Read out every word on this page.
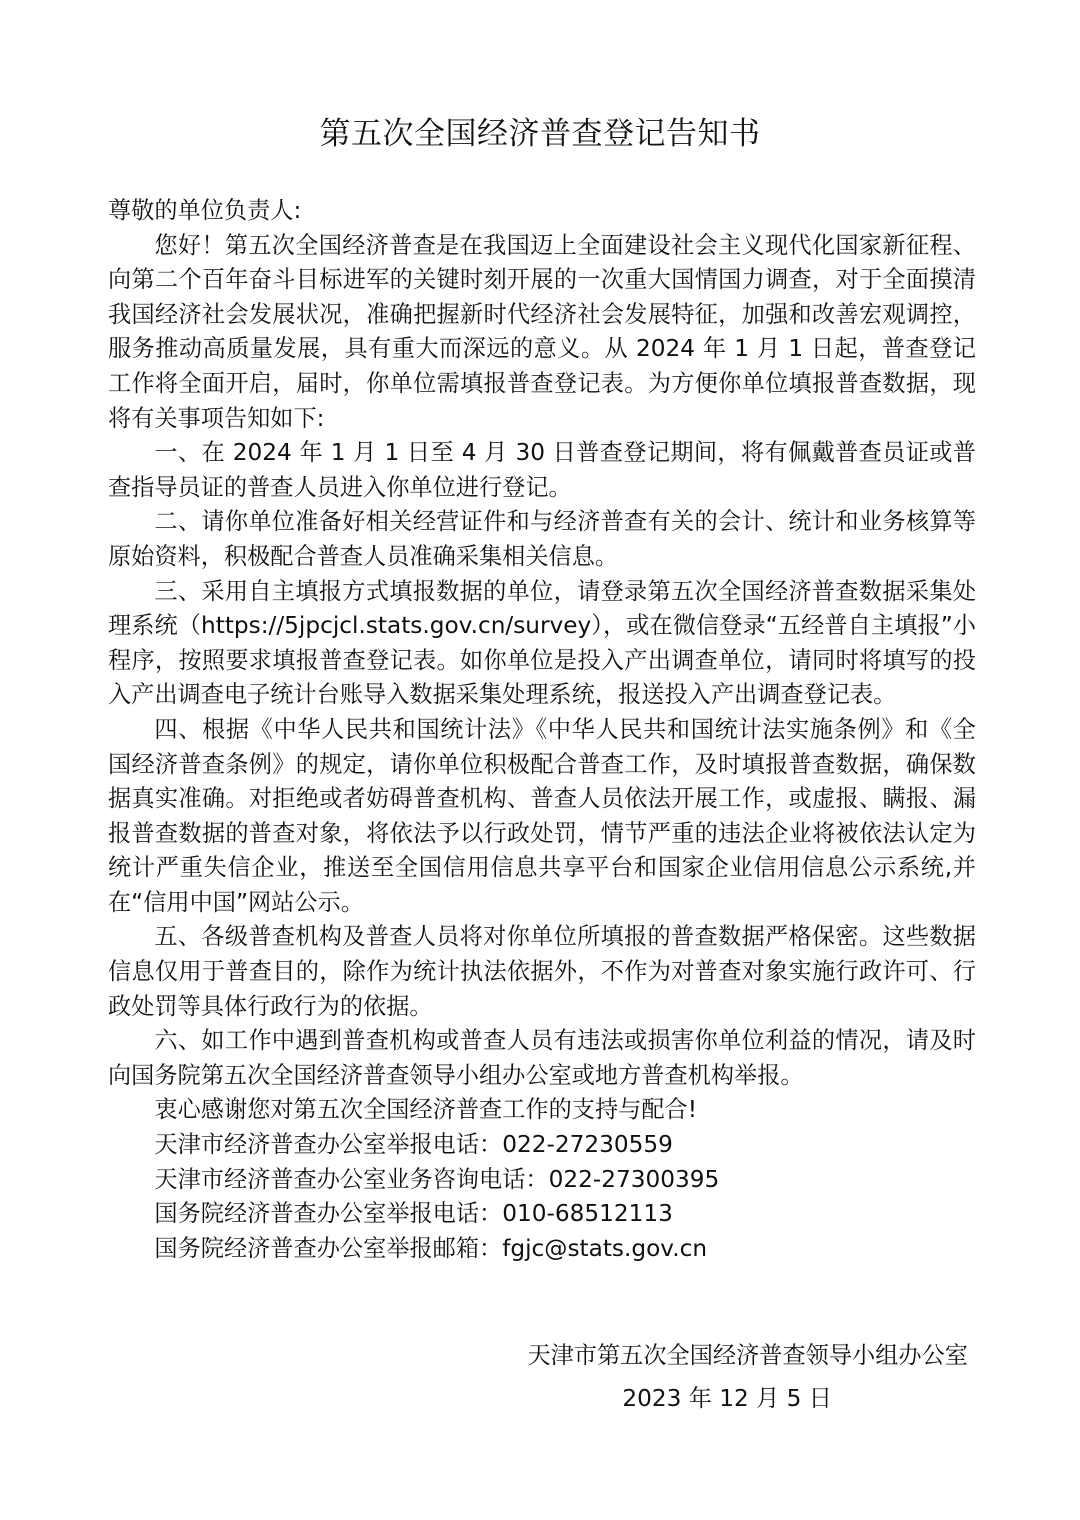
第五次全国经济普查登记告知书

尊敬的单位负责人:

您好！第五次全国经济普查是在我国迈上全面建设社会主义现代化国家新征程、向第二个百年奋斗目标进军的关键时刻开展的一次重大国情国力调查，对于全面摸清我国经济社会发展状况，准确把握新时代经济社会发展特征，加强和改善宏观调控，服务推动高质量发展，具有重大而深远的意义。从 2024 年 1 月 1 日起，普查登记工作将全面开启，届时，你单位需填报普查登记表。为方便你单位填报普查数据，现将有关事项告知如下:

一、在 2024 年 1 月 1 日至 4 月 30 日普查登记期间，将有佩戴普查员证或普查指导员证的普查人员进入你单位进行登记。

二、请你单位准备好相关经营证件和与经济普查有关的会计、统计和业务核算等原始资料，积极配合普查人员准确采集相关信息。

三、采用自主填报方式填报数据的单位，请登录第五次全国经济普查数据采集处理系统（https://5jpcjcl.stats.gov.cn/survey），或在微信登录“五经普自主填报”小程序，按照要求填报普查登记表。如你单位是投入产出调查单位，请同时将填写的投入产出调查电子统计台账导入数据采集处理系统，报送投入产出调查登记表。

四、根据《中华人民共和国统计法》《中华人民共和国统计法实施条例》和《全国经济普查条例》的规定，请你单位积极配合普查工作，及时填报普查数据，确保数据真实准确。对拒绝或者妨碍普查机构、普查人员依法开展工作，或虚报、瞒报、漏报普查数据的普查对象，将依法予以行政处罚，情节严重的违法企业将被依法认定为统计严重失信企业，推送至全国信用信息共享平台和国家企业信用信息公示系统,并在“信用中国”网站公示。

五、各级普查机构及普查人员将对你单位所填报的普查数据严格保密。这些数据信息仅用于普查目的，除作为统计执法依据外，不作为对普查对象实施行政许可、行政处罚等具体行政行为的依据。

六、如工作中遇到普查机构或普查人员有违法或损害你单位利益的情况，请及时向国务院第五次全国经济普查领导小组办公室或地方普查机构举报。

衷心感谢您对第五次全国经济普查工作的支持与配合!

天津市经济普查办公室举报电话：022-27230559

天津市经济普查办公室业务咨询电话：022-27300395

国务院经济普查办公室举报电话：010-68512113

国务院经济普查办公室举报邮箱：fgjc@stats.gov.cn

天津市第五次全国经济普查领导小组办公室
2023 年 12 月 5 日
